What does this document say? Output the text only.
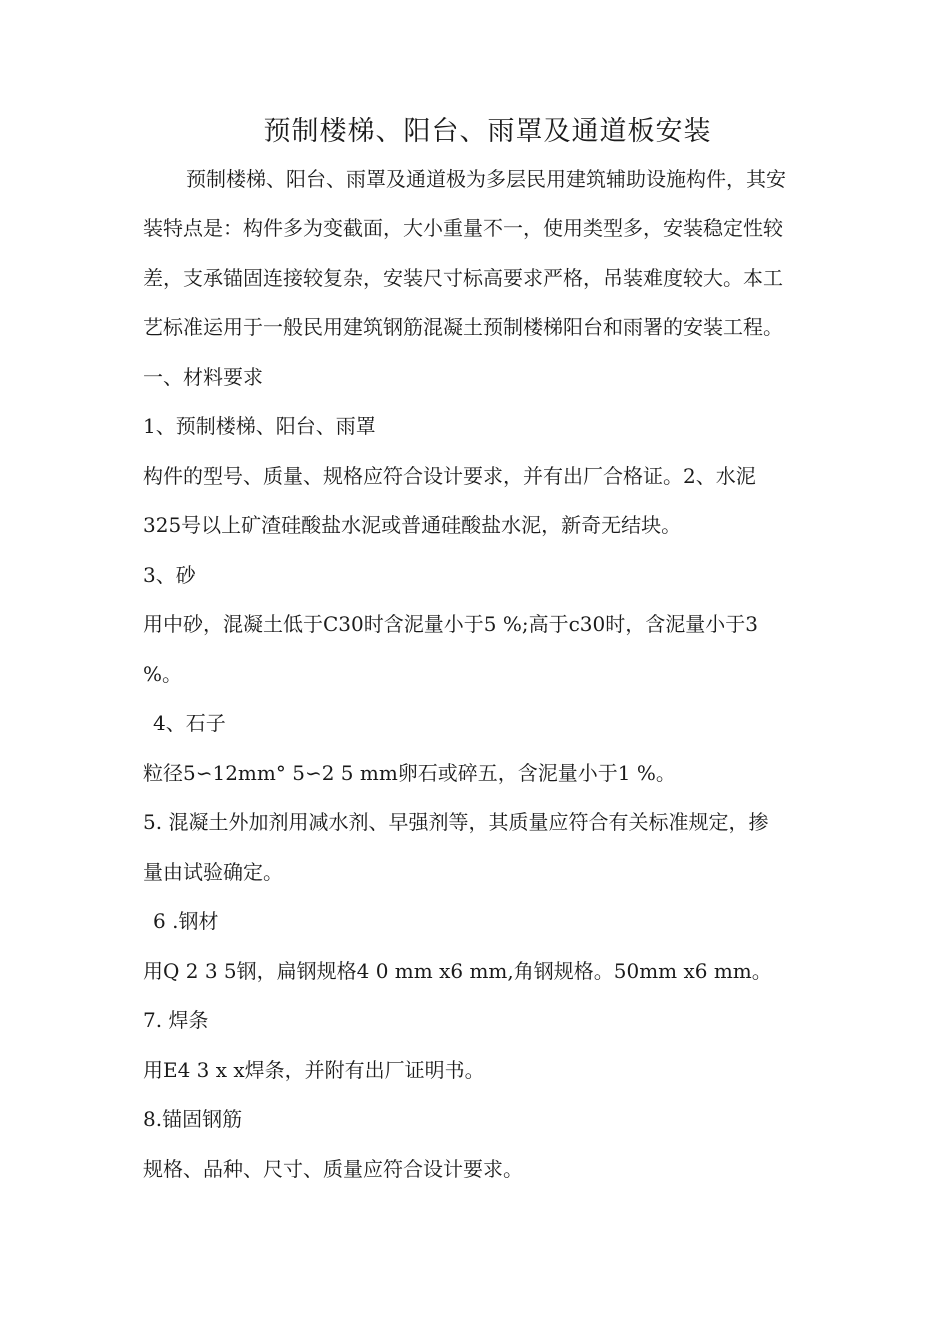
预制楼梯、阳台、雨罩及通道板安装
预制楼梯、阳台、雨罩及通道极为多层民用建筑辅助设施构件，其安
装特点是：构件多为变截面，大小重量不一，使用类型多，安装稳定性较
差，支承锚固连接较复杂，安装尺寸标高要求严格，吊装难度较大。本工
艺标准运用于一般民用建筑钢筋混凝土预制楼梯阳台和雨署的安装工程。
一、材料要求
1、预制楼梯、阳台、雨罩
构件的型号、质量、规格应符合设计要求，并有出厂合格证。2、水泥
325号以上矿渣硅酸盐水泥或普通硅酸盐水泥，新奇无结块。
3、砂
用中砂，混凝土低于C30时含泥量小于5 %;高于c30时，含泥量小于3
%。
4、石子
粒径5∽12mm° 5∽2 5 mm卵石或碎五，含泥量小于1 %。
5. 混凝土外加剂用减水剂、早强剂等，其质量应符合有关标准规定，掺
量由试验确定。
6 .钢材
用Q 2 3 5钢，扁钢规格4 0 mm x6 mm,角钢规格。50mm x6 mm。
7. 焊条
用E4 3 x x焊条，并附有出厂证明书。
8.锚固钢筋
规格、品种、尺寸、质量应符合设计要求。
